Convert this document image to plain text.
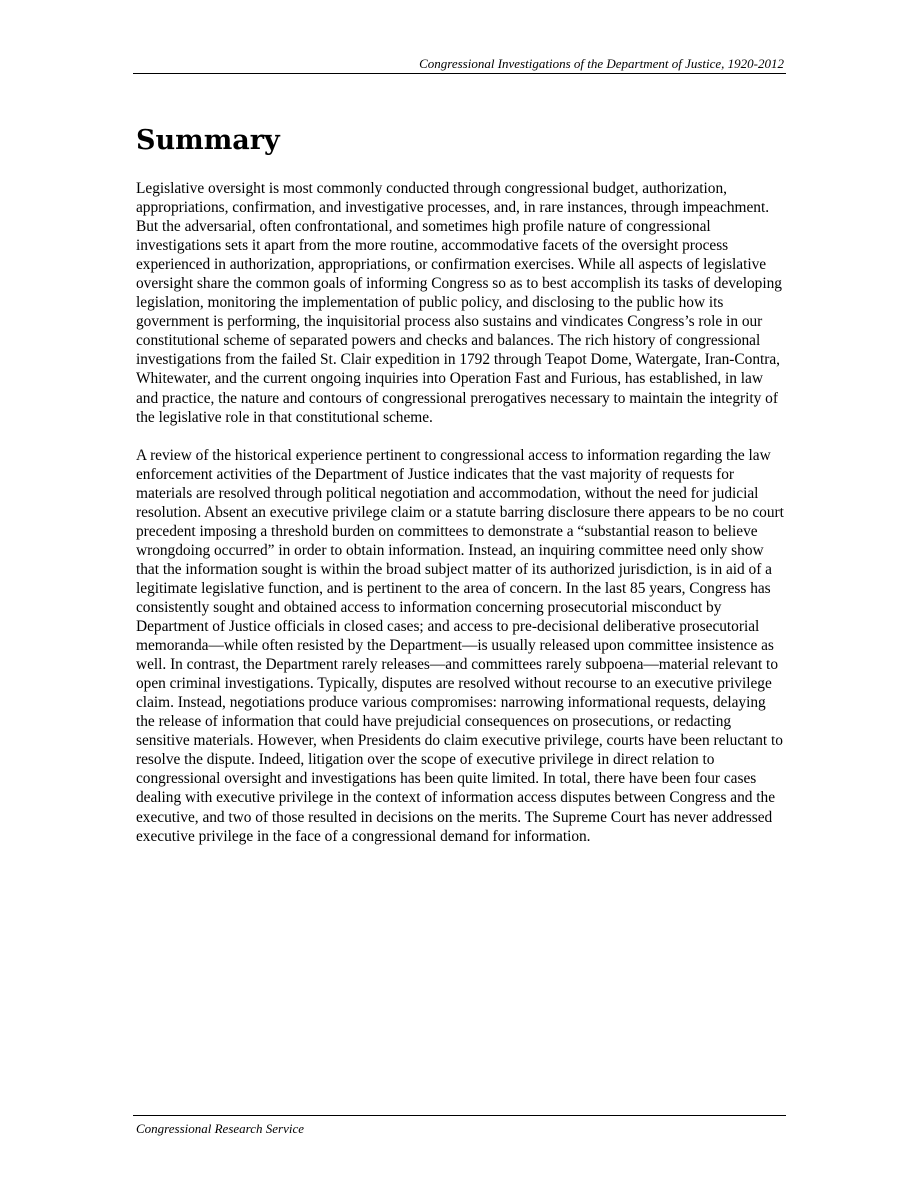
Congressional Investigations of the Department of Justice, 1920-2012
Summary

Legislative oversight is most commonly conducted through congressional budget, authorization, appropriations, confirmation, and investigative processes, and, in rare instances, through impeachment. But the adversarial, often confrontational, and sometimes high profile nature of congressional investigations sets it apart from the more routine, accommodative facets of the oversight process experienced in authorization, appropriations, or confirmation exercises. While all aspects of legislative oversight share the common goals of informing Congress so as to best accomplish its tasks of developing legislation, monitoring the implementation of public policy, and disclosing to the public how its government is performing, the inquisitorial process also sustains and vindicates Congress’s role in our constitutional scheme of separated powers and checks and balances. The rich history of congressional investigations from the failed St. Clair expedition in 1792 through Teapot Dome, Watergate, Iran-Contra, Whitewater, and the current ongoing inquiries into Operation Fast and Furious, has established, in law and practice, the nature and contours of congressional prerogatives necessary to maintain the integrity of the legislative role in that constitutional scheme.

A review of the historical experience pertinent to congressional access to information regarding the law enforcement activities of the Department of Justice indicates that the vast majority of requests for materials are resolved through political negotiation and accommodation, without the need for judicial resolution. Absent an executive privilege claim or a statute barring disclosure there appears to be no court precedent imposing a threshold burden on committees to demonstrate a “substantial reason to believe wrongdoing occurred” in order to obtain information. Instead, an inquiring committee need only show that the information sought is within the broad subject matter of its authorized jurisdiction, is in aid of a legitimate legislative function, and is pertinent to the area of concern. In the last 85 years, Congress has consistently sought and obtained access to information concerning prosecutorial misconduct by Department of Justice officials in closed cases; and access to pre-decisional deliberative prosecutorial memoranda—while often resisted by the Department—is usually released upon committee insistence as well. In contrast, the Department rarely releases—and committees rarely subpoena—material relevant to open criminal investigations. Typically, disputes are resolved without recourse to an executive privilege claim. Instead, negotiations produce various compromises: narrowing informational requests, delaying the release of information that could have prejudicial consequences on prosecutions, or redacting sensitive materials. However, when Presidents do claim executive privilege, courts have been reluctant to resolve the dispute. Indeed, litigation over the scope of executive privilege in direct relation to congressional oversight and investigations has been quite limited. In total, there have been four cases dealing with executive privilege in the context of information access disputes between Congress and the executive, and two of those resulted in decisions on the merits. The Supreme Court has never addressed executive privilege in the face of a congressional demand for information.

Congressional Research Service
